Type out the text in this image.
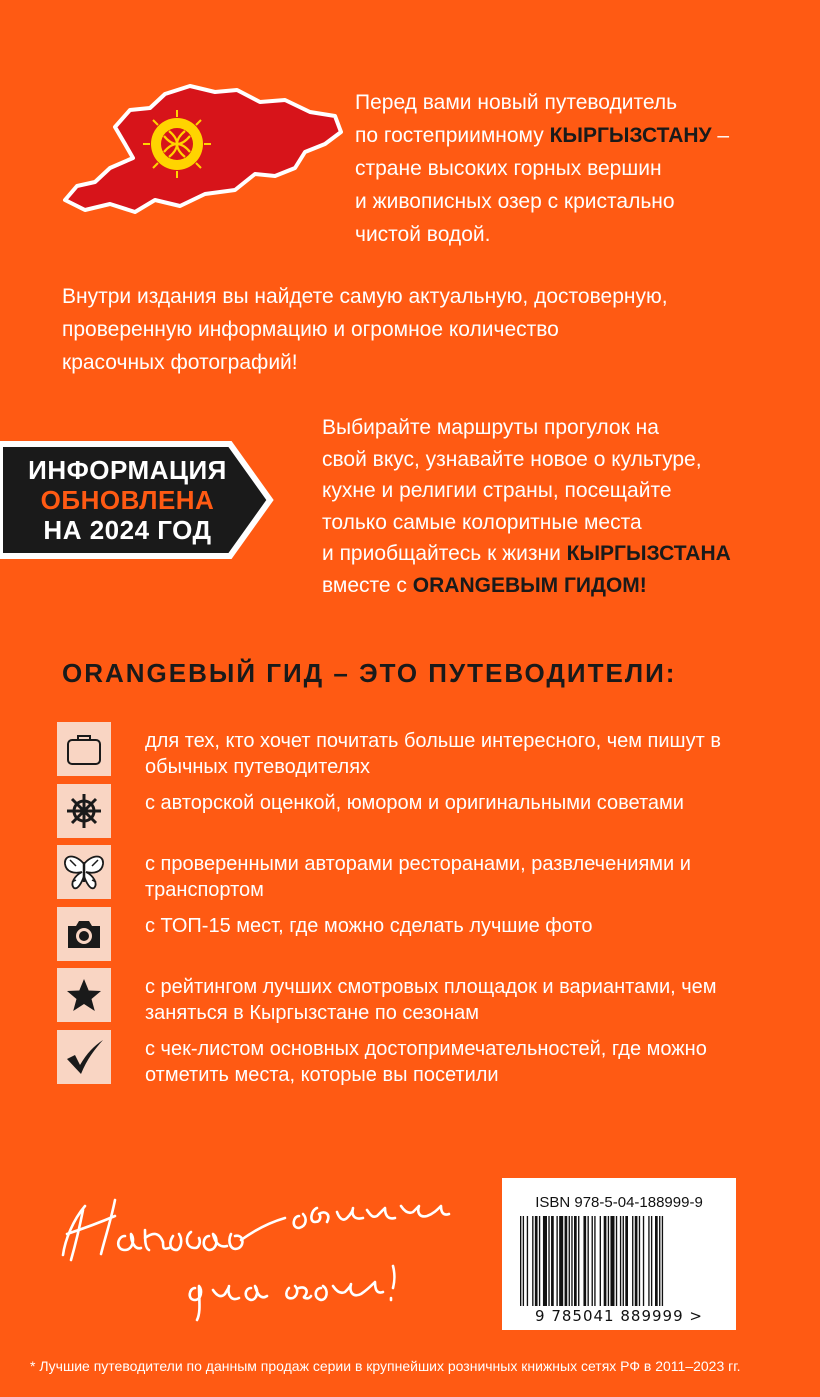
Перед вами новый путеводитель
по гостеприимному КЫРГЫЗСТАНУ –
стране высоких горных вершин
и живописных озер с кристально
чистой водой.
Внутри издания вы найдете самую актуальную, достоверную,
проверенную информацию и огромное количество
красочных фотографий!
ИНФОРМАЦИЯ
ОБНОВЛЕНА
НА 2024 ГОД
Выбирайте маршруты прогулок на
свой вкус, узнавайте новое о культуре,
кухне и религии страны, посещайте
только самые колоритные места
и приобщайтесь к жизни КЫРГЫЗСТАНА
вместе с ORANGEВЫМ ГИДОМ!
ORANGEВЫЙ ГИД – ЭТО ПУТЕВОДИТЕЛИ:
для тех, кто хочет почитать больше интересного, чем пишут в обычных путеводителях
с авторской оценкой, юмором и оригинальными советами
с проверенными авторами ресторанами, развлечениями и транспортом
с ТОП-15 мест, где можно сделать лучшие фото
с рейтингом лучших смотровых площадок и вариантами, чем заняться в Кыргызстане по сезонам
с чек-листом основных достопримечательностей, где можно отметить места, которые вы посетили
ISBN 978-5-04-188999-9
9 785041 889999 >
* Лучшие путеводители по данным продаж серии в крупнейших розничных книжных сетях РФ в 2011–2023 гг.
